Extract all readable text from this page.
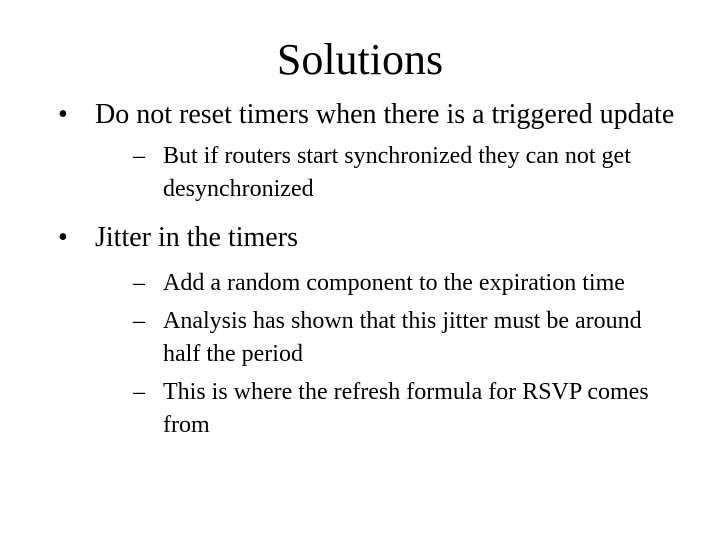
Solutions
• Do not reset timers when there is a triggered update
– But if routers start synchronized they can not get desynchronized
• Jitter in the timers
– Add a random component to the expiration time
– Analysis has shown that this jitter must be around half the period
– This is where the refresh formula for RSVP comes from
